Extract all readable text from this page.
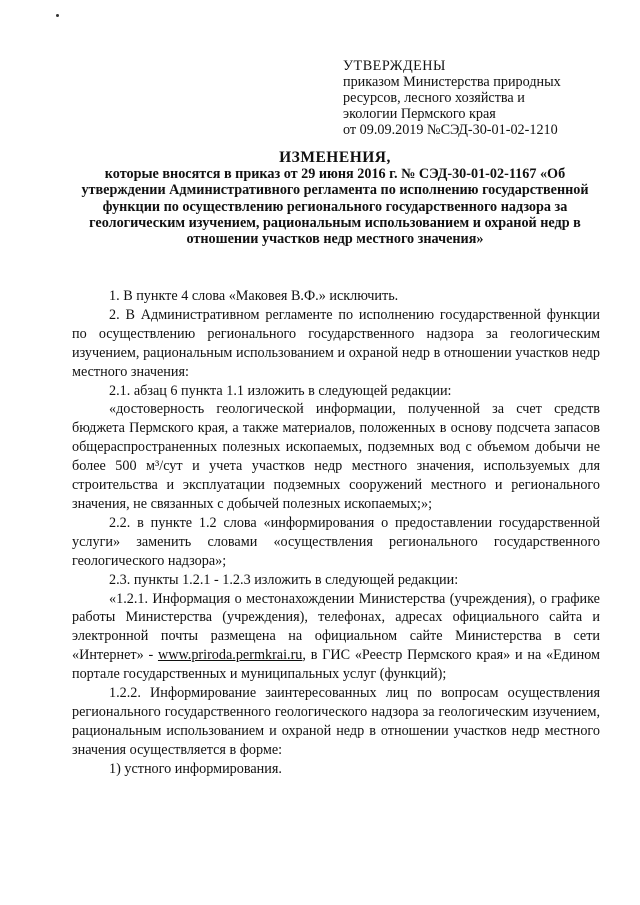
УТВЕРЖДЕНЫ
приказом Министерства природных
ресурсов, лесного хозяйства и
экологии Пермского края
от 09.09.2019 №СЭД-30-01-02-1210
ИЗМЕНЕНИЯ,
которые вносятся в приказ от 29 июня 2016 г. № СЭД-30-01-02-1167 «Об утверждении Административного регламента по исполнению государственной функции по осуществлению регионального государственного надзора за геологическим изучением, рациональным использованием и охраной недр в отношении участков недр местного значения»

1. В пункте 4 слова «Маковея В.Ф.» исключить.

2. В Административном регламенте по исполнению государственной функции по осуществлению регионального государственного надзора за геологическим изучением, рациональным использованием и охраной недр в отношении участков недр местного значения:

2.1. абзац 6 пункта 1.1 изложить в следующей редакции:

«достоверность геологической информации, полученной за счет средств бюджета Пермского края, а также материалов, положенных в основу подсчета запасов общераспространенных полезных ископаемых, подземных вод с объемом добычи не более 500 м³/сут и учета участков недр местного значения, используемых для строительства и эксплуатации подземных сооружений местного и регионального значения, не связанных с добычей полезных ископаемых;»;

2.2. в пункте 1.2 слова «информирования о предоставлении государственной услуги» заменить словами «осуществления регионального государственного геологического надзора»;

2.3. пункты 1.2.1 - 1.2.3 изложить в следующей редакции:

«1.2.1. Информация о местонахождении Министерства (учреждения), о графике работы Министерства (учреждения), телефонах, адресах официального сайта и электронной почты размещена на официальном сайте Министерства в сети «Интернет» - www.priroda.permkrai.ru, в ГИС «Реестр Пермского края» и на «Едином портале государственных и муниципальных услуг (функций);

1.2.2. Информирование заинтересованных лиц по вопросам осуществления регионального государственного геологического надзора за геологическим изучением, рациональным использованием и охраной недр в отношении участков недр местного значения осуществляется в форме:

1) устного информирования.
